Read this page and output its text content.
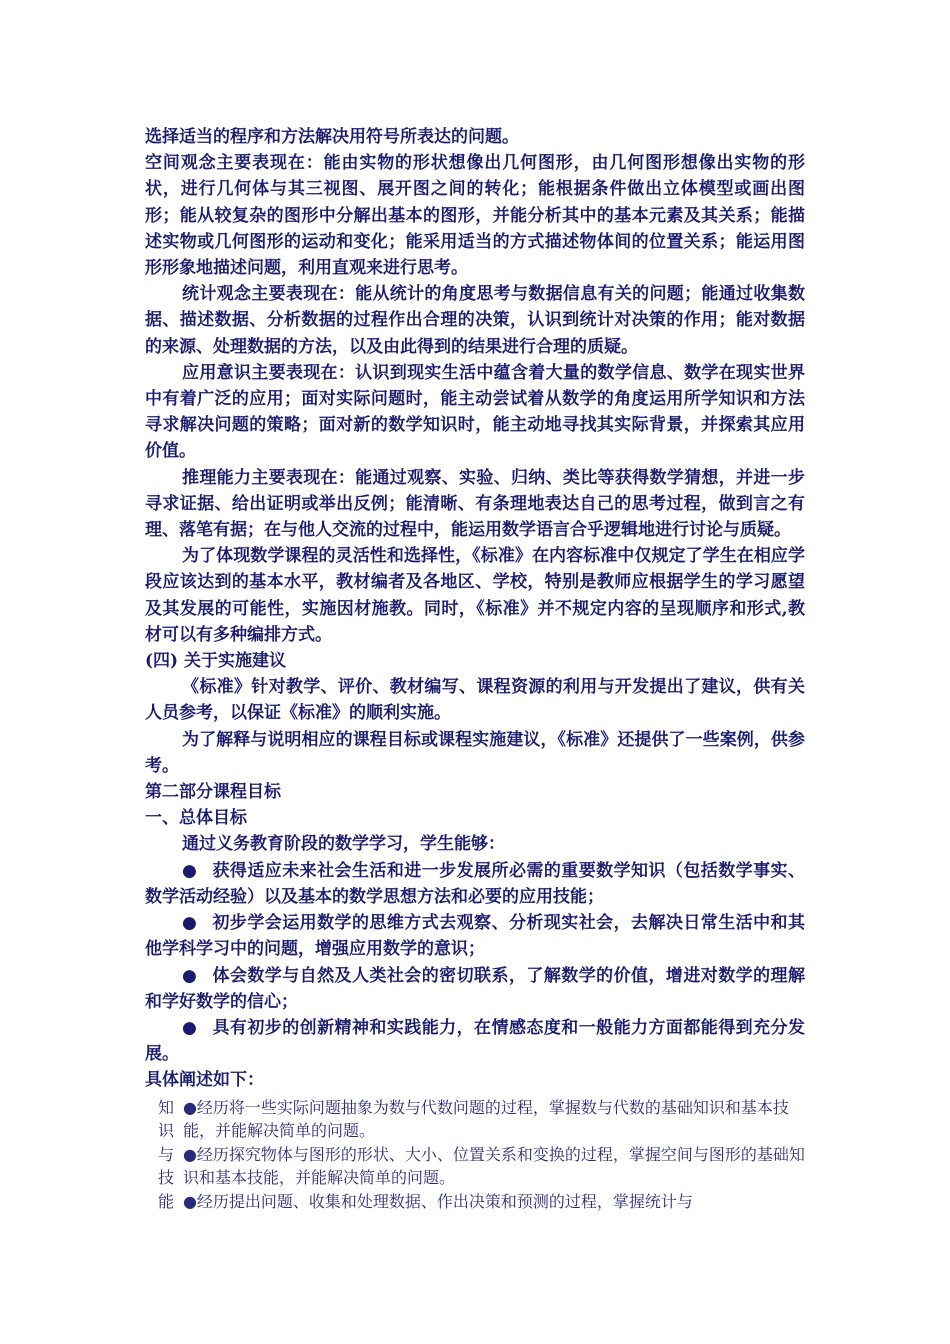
选择适当的程序和方法解决用符号所表达的问题。

空间观念主要表现在：能由实物的形状想像出几何图形，由几何图形想像出实物的形状，进行几何体与其三视图、展开图之间的转化；能根据条件做出立体模型或画出图形；能从较复杂的图形中分解出基本的图形，并能分析其中的基本元素及其关系；能描述实物或几何图形的运动和变化；能采用适当的方式描述物体间的位置关系；能运用图形形象地描述问题，利用直观来进行思考。

统计观念主要表现在：能从统计的角度思考与数据信息有关的问题；能通过收集数据、描述数据、分析数据的过程作出合理的决策，认识到统计对决策的作用；能对数据的来源、处理数据的方法，以及由此得到的结果进行合理的质疑。

应用意识主要表现在：认识到现实生活中蕴含着大量的数学信息、数学在现实世界中有着广泛的应用；面对实际问题时，能主动尝试着从数学的角度运用所学知识和方法寻求解决问题的策略；面对新的数学知识时，能主动地寻找其实际背景，并探索其应用价值。

推理能力主要表现在：能通过观察、实验、归纳、类比等获得数学猜想，并进一步寻求证据、给出证明或举出反例；能清晰、有条理地表达自己的思考过程，做到言之有理、落笔有据；在与他人交流的过程中，能运用数学语言合乎逻辑地进行讨论与质疑。

为了体现数学课程的灵活性和选择性，《标准》在内容标准中仅规定了学生在相应学段应该达到的基本水平，教材编者及各地区、学校，特别是教师应根据学生的学习愿望及其发展的可能性，实施因材施教。同时，《标准》并不规定内容的呈现顺序和形式,教材可以有多种编排方式。

(四) 关于实施建议

《标准》针对教学、评价、教材编写、课程资源的利用与开发提出了建议，供有关人员参考，以保证《标准》的顺利实施。

为了解释与说明相应的课程目标或课程实施建议，《标准》还提供了一些案例，供参考。

第二部分课程目标
一、总体目标

通过义务教育阶段的数学学习，学生能够：

● 获得适应未来社会生活和进一步发展所必需的重要数学知识（包括数学事实、数学活动经验）以及基本的数学思想方法和必要的应用技能；

● 初步学会运用数学的思维方式去观察、分析现实社会，去解决日常生活中和其他学科学习中的问题，增强应用数学的意识；

● 体会数学与自然及人类社会的密切联系，了解数学的价值，增进对数学的理解和学好数学的信心；

● 具有初步的创新精神和实践能力，在情感态度和一般能力方面都能得到充分发展。

具体阐述如下：

知
识
与
技
能

●经历将一些实际问题抽象为数与代数问题的过程，掌握数与代数的基础知识和基本技能，并能解决简单的问题。

●经历探究物体与图形的形状、大小、位置关系和变换的过程，掌握空间与图形的基础知识和基本技能，并能解决简单的问题。

●经历提出问题、收集和处理数据、作出决策和预测的过程，掌握统计与
